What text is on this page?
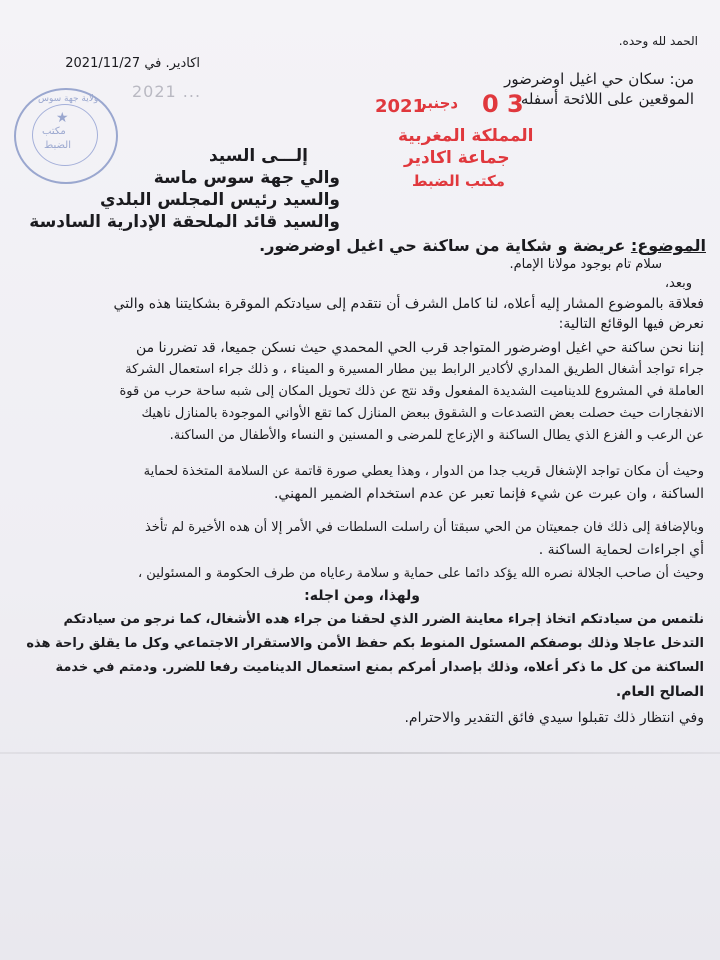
الحمد لله وحده.
اكادير. في 2021/11/27
2021 ...
من: سكان حي اغيل اوضرضور
الموقعين على اللائحة أسفله
0 3
دجنبر
2021
المملكة المغربية
جماعة اكادير
مكتب الضبط
ولاية جهة سوس
★
مكتب
الضبط
إلـــى السيد
والي جهة سوس ماسة
والسيد رئيس المجلس البلدي
والسيد قائد الملحقة الإدارية السادسة
الموضوع: عريضة و شكاية من ساكنة حي اغيل اوضرضور.
سلام تام بوجود مولانا الإمام.
وبعد،
فعلاقة بالموضوع المشار إليه أعلاه، لنا كامل الشرف أن نتقدم إلى سيادتكم الموقرة بشكايتنا هذه والتي
نعرض فيها الوقائع التالية:
إننا نحن ساكنة حي اغيل اوضرضور المتواجد قرب الحي المحمدي حيث نسكن جميعا، قد تضررنا من
جراء تواجد أشغال الطريق المداري لأكادير الرابط بين مطار المسيرة و الميناء ، و ذلك جراء استعمال الشركة
العاملة في المشروع للديناميت الشديدة المفعول وقد نتج عن ذلك تحويل المكان إلى شبه ساحة حرب من قوة
الانفجارات حيث حصلت بعض التصدعات و الشقوق ببعض المنازل كما تقع الأواني الموجودة بالمنازل ناهيك
عن الرعب و الفزع الذي يطال الساكنة و الإزعاج للمرضى و المسنين و النساء والأطفال من الساكنة.
وحيث أن مكان تواجد الإشغال قريب جدا من الدوار ، وهذا يعطي صورة قاتمة عن السلامة المتخذة لحماية
الساكنة ، وان عبرت عن شيء فإنما تعبر عن عدم استخدام الضمير المهني.
وبالإضافة إلى ذلك فان جمعيتان من الحي سبقتا أن راسلت السلطات في الأمر إلا أن هده الأخيرة لم تأخذ
أي اجراءات لحماية الساكنة .
وحيث أن صاحب الجلالة نصره الله يؤكد دائما على حماية و سلامة رعاياه من طرف الحكومة و المسئولين ،
ولهذا، ومن اجله:
نلتمس من سيادتكم اتخاذ إجراء معاينة الضرر الذي لحقنا من جراء هده الأشغال، كما نرجو من سيادتكم
التدخل عاجلا وذلك بوصفكم المسئول المنوط بكم حفظ الأمن والاستقرار الاجتماعي وكل ما يقلق راحة هذه
الساكنة من كل ما ذكر أعلاه، وذلك بإصدار أمركم بمنع استعمال الديناميت رفعا للضرر. ودمتم في خدمة
الصالح العام.
وفي انتظار ذلك تقبلوا سيدي فائق التقدير والاحترام.
